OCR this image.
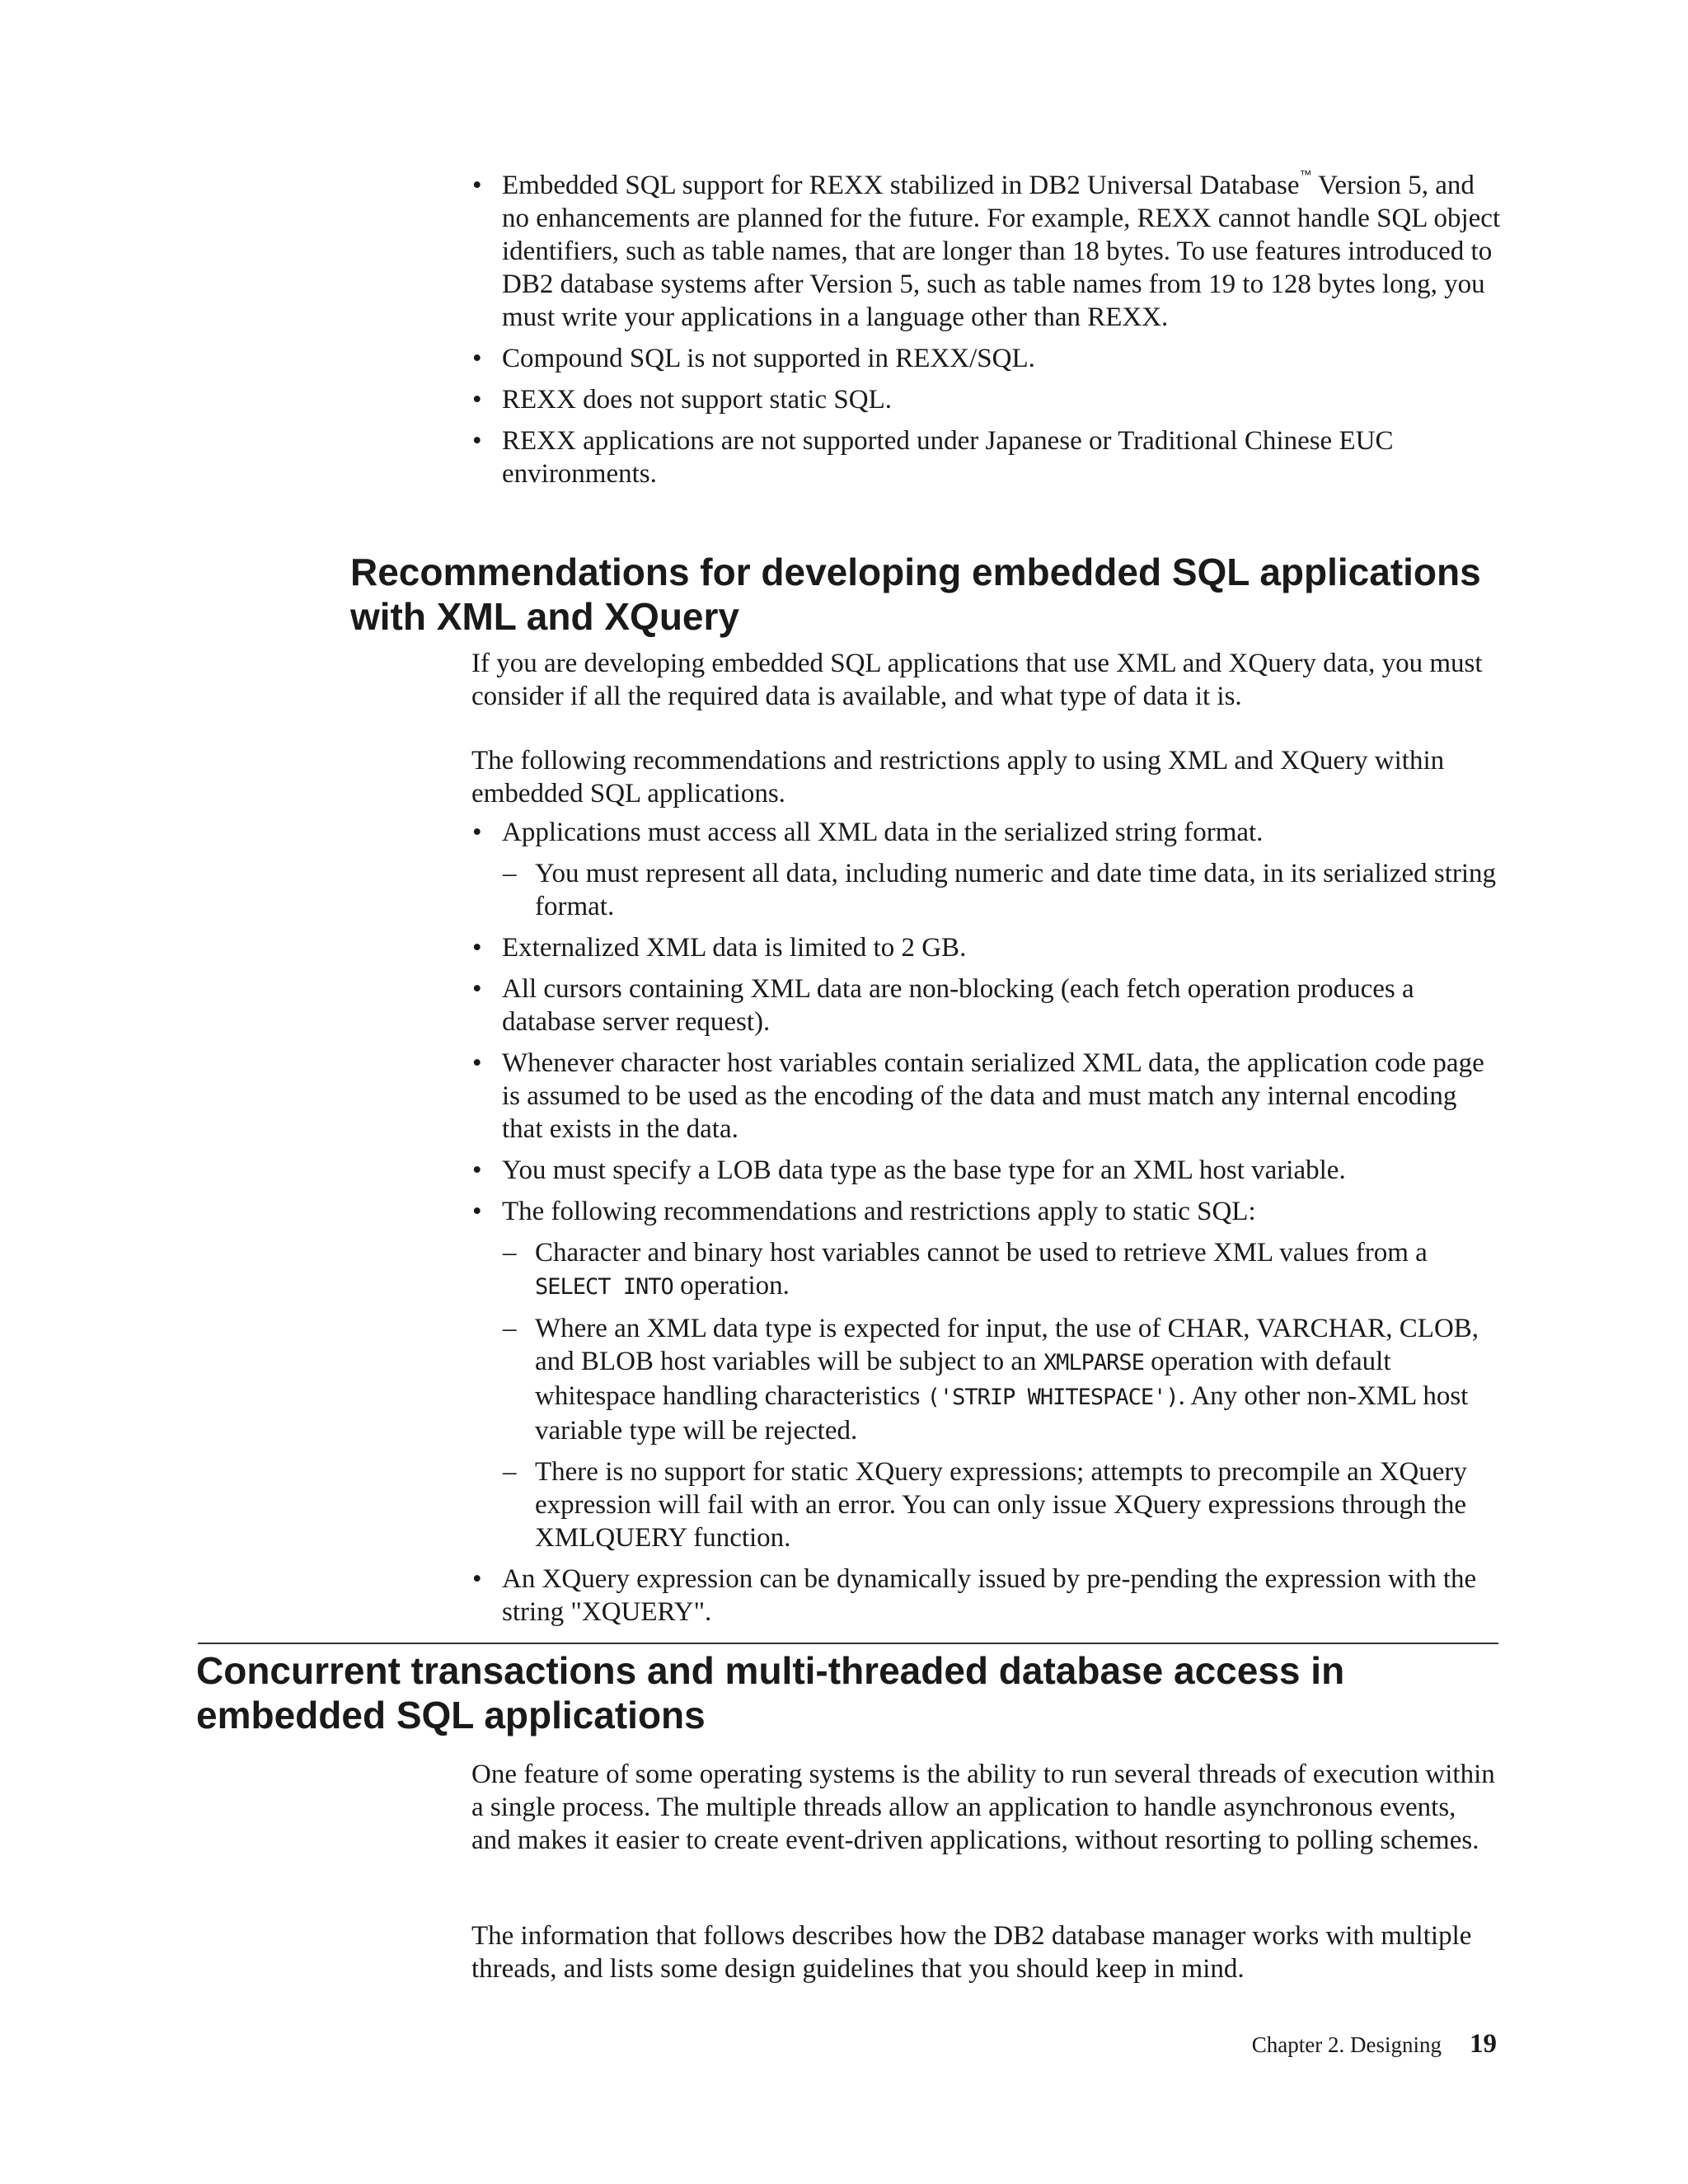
• Embedded SQL support for REXX stabilized in DB2 Universal Database™ Version 5, and no enhancements are planned for the future. For example, REXX cannot handle SQL object identifiers, such as table names, that are longer than 18 bytes. To use features introduced to DB2 database systems after Version 5, such as table names from 19 to 128 bytes long, you must write your applications in a language other than REXX.
• Compound SQL is not supported in REXX/SQL.
• REXX does not support static SQL.
• REXX applications are not supported under Japanese or Traditional Chinese EUC environments.
Recommendations for developing embedded SQL applications with XML and XQuery

If you are developing embedded SQL applications that use XML and XQuery data, you must consider if all the required data is available, and what type of data it is.

The following recommendations and restrictions apply to using XML and XQuery within embedded SQL applications.

• Applications must access all XML data in the serialized string format.
– You must represent all data, including numeric and date time data, in its serialized string format.
• Externalized XML data is limited to 2 GB.
• All cursors containing XML data are non-blocking (each fetch operation produces a database server request).
• Whenever character host variables contain serialized XML data, the application code page is assumed to be used as the encoding of the data and must match any internal encoding that exists in the data.
• You must specify a LOB data type as the base type for an XML host variable.
• The following recommendations and restrictions apply to static SQL:
– Character and binary host variables cannot be used to retrieve XML values from a SELECT INTO operation.
– Where an XML data type is expected for input, the use of CHAR, VARCHAR, CLOB, and BLOB host variables will be subject to an XMLPARSE operation with default whitespace handling characteristics ('STRIP WHITESPACE'). Any other non-XML host variable type will be rejected.
– There is no support for static XQuery expressions; attempts to precompile an XQuery expression will fail with an error. You can only issue XQuery expressions through the XMLQUERY function.
• An XQuery expression can be dynamically issued by pre-pending the expression with the string "XQUERY".
Concurrent transactions and multi-threaded database access in embedded SQL applications

One feature of some operating systems is the ability to run several threads of execution within a single process. The multiple threads allow an application to handle asynchronous events, and makes it easier to create event-driven applications, without resorting to polling schemes.

The information that follows describes how the DB2 database manager works with multiple threads, and lists some design guidelines that you should keep in mind.

Chapter 2. Designing 19
